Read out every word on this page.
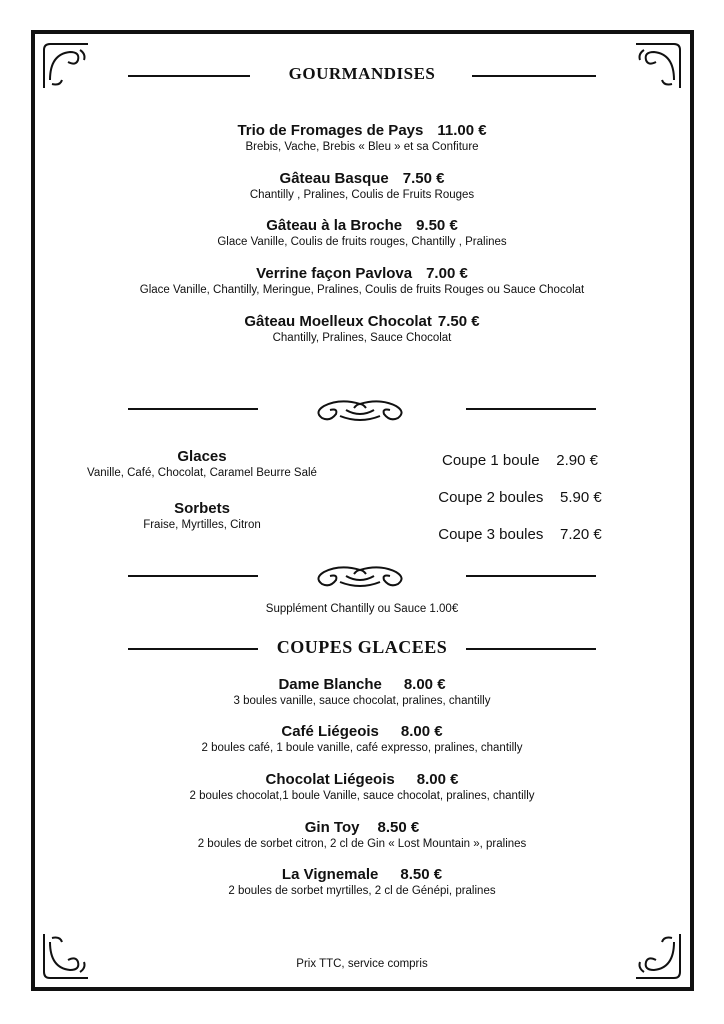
GOURMANDISES
Trio de Fromages de Pays 11.00 €
Brebis, Vache, Brebis « Bleu » et sa Confiture
Gâteau Basque 7.50 €
Chantilly , Pralines, Coulis de Fruits Rouges
Gâteau à la Broche 9.50 €
Glace Vanille, Coulis de fruits rouges, Chantilly , Pralines
Verrine façon Pavlova 7.00 €
Glace Vanille, Chantilly, Meringue, Pralines, Coulis de fruits Rouges ou Sauce Chocolat
Gâteau Moelleux Chocolat 7.50 €
Chantilly, Pralines, Sauce Chocolat
Glaces
Vanille, Café, Chocolat, Caramel Beurre Salé
Sorbets
Fraise, Myrtilles, Citron
Coupe 1 boule 2.90 €
Coupe 2 boules 5.90 €
Coupe 3 boules 7.20 €
Supplément Chantilly ou Sauce 1.00€
COUPES GLACEES
Dame Blanche 8.00 €
3 boules vanille, sauce chocolat, pralines, chantilly
Café Liégeois 8.00 €
2 boules café, 1 boule vanille, café expresso, pralines, chantilly
Chocolat Liégeois 8.00 €
2 boules chocolat,1 boule Vanille, sauce chocolat, pralines, chantilly
Gin Toy 8.50 €
2 boules de sorbet citron, 2 cl de Gin « Lost Mountain », pralines
La Vignemale 8.50 €
2 boules de sorbet myrtilles, 2 cl de Génépi, pralines
Prix TTC, service compris
